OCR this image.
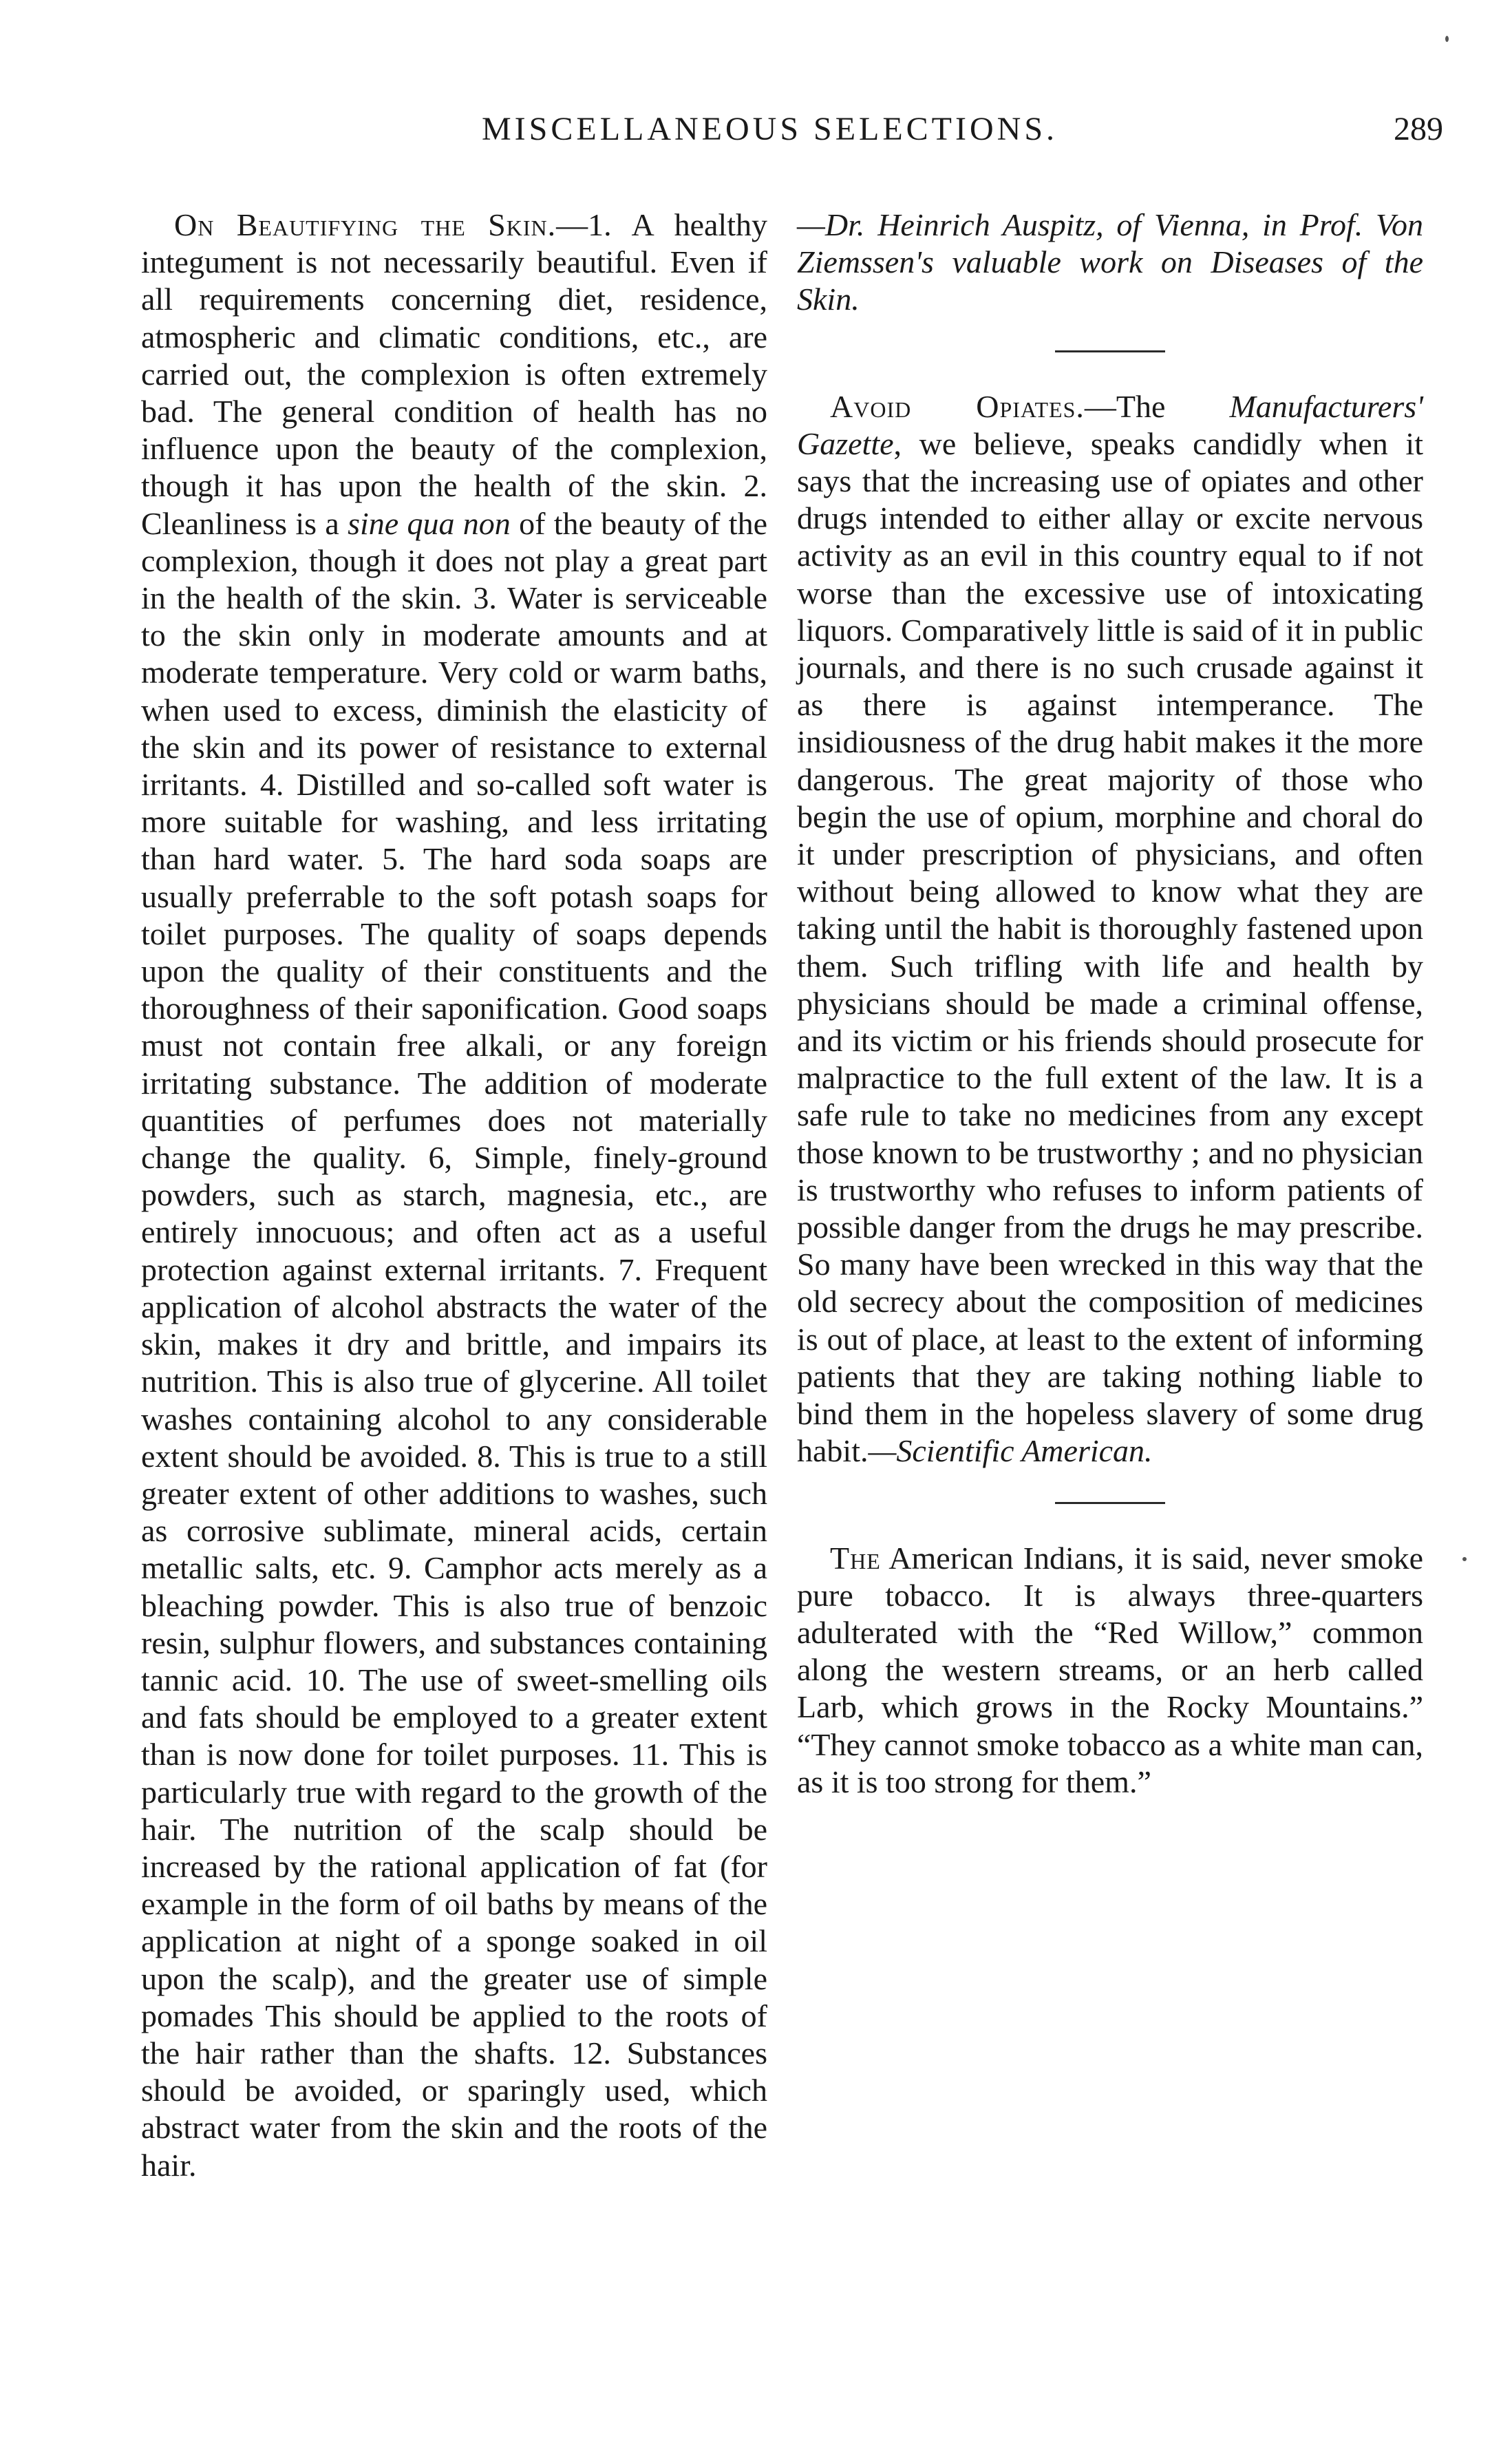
MISCELLANEOUS SELECTIONS.	289

On Beautifying the Skin.—1. A healthy integument is not necessarily beautiful. Even if all requirements concerning diet, residence, atmospheric and climatic conditions, etc., are carried out, the complexion is often extremely bad. The general condition of health has no influence upon the beauty of the complexion, though it has upon the health of the skin. 2. Cleanliness is a sine qua non of the beauty of the complexion, though it does not play a great part in the health of the skin. 3. Water is serviceable to the skin only in moderate amounts and at moderate temperature. Very cold or warm baths, when used to excess, diminish the elasticity of the skin and its power of resistance to external irritants. 4. Distilled and so-called soft water is more suitable for washing, and less irritating than hard water. 5. The hard soda soaps are usually preferrable to the soft potash soaps for toilet purposes. The quality of soaps depends upon the quality of their constituents and the thoroughness of their saponification. Good soaps must not contain free alkali, or any foreign irritating substance. The addition of moderate quantities of perfumes does not materially change the quality. 6, Simple, finely-ground powders, such as starch, magnesia, etc., are entirely innocuous; and often act as a useful protection against external irritants. 7. Frequent application of alcohol abstracts the water of the skin, makes it dry and brittle, and impairs its nutrition. This is also true of glycerine. All toilet washes containing alcohol to any considerable extent should be avoided. 8. This is true to a still greater extent of other additions to washes, such as corrosive sublimate, mineral acids, certain metallic salts, etc. 9. Camphor acts merely as a bleaching powder. This is also true of benzoic resin, sulphur flowers, and substances containing tannic acid. 10. The use of sweet-smelling oils and fats should be employed to a greater extent than is now done for toilet purposes. 11. This is particularly true with regard to the growth of the hair. The nutrition of the scalp should be increased by the rational application of fat (for example in the form of oil baths by means of the application at night of a sponge soaked in oil upon the scalp), and the greater use of simple pomades This should be applied to the roots of the hair rather than the shafts. 12. Substances should be avoided, or sparingly used, which abstract water from the skin and the roots of the hair.

—Dr. Heinrich Auspitz, of Vienna, in Prof. Von Ziemssen's valuable work on Diseases of the Skin.

Avoid Opiates.—The Manufacturers' Gazette, we believe, speaks candidly when it says that the increasing use of opiates and other drugs intended to either allay or excite nervous activity as an evil in this country equal to if not worse than the excessive use of intoxicating liquors. Comparatively little is said of it in public journals, and there is no such crusade against it as there is against intemperance. The insidiousness of the drug habit makes it the more dangerous. The great majority of those who begin the use of opium, morphine and choral do it under prescription of physicians, and often without being allowed to know what they are taking until the habit is thoroughly fastened upon them. Such trifling with life and health by physicians should be made a criminal offense, and its victim or his friends should prosecute for malpractice to the full extent of the law. It is a safe rule to take no medicines from any except those known to be trustworthy ; and no physician is trustworthy who refuses to inform patients of possible danger from the drugs he may prescribe. So many have been wrecked in this way that the old secrecy about the composition of medicines is out of place, at least to the extent of informing patients that they are taking nothing liable to bind them in the hopeless slavery of some drug habit.—Scientific American.

The American Indians, it is said, never smoke pure tobacco. It is always three-quarters adulterated with the “Red Willow,” common along the western streams, or an herb called Larb, which grows in the Rocky Mountains.” “They cannot smoke tobacco as a white man can, as it is too strong for them.”
